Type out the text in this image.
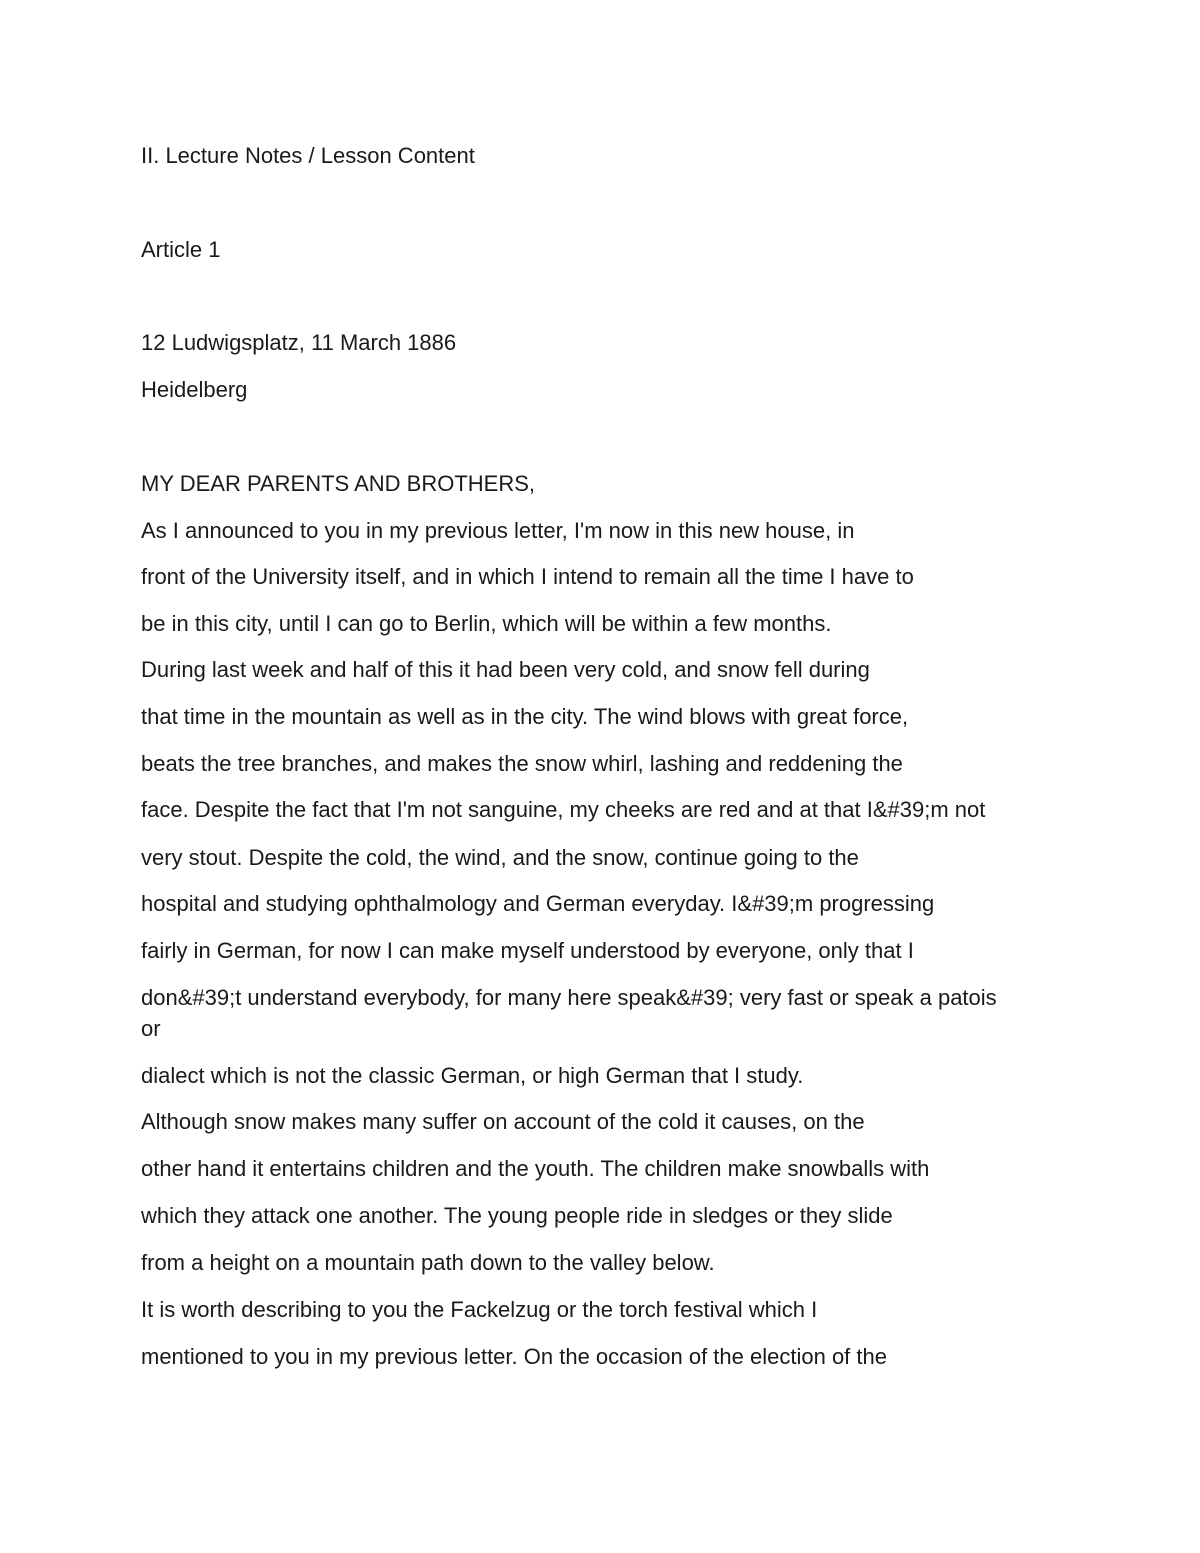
II. Lecture Notes / Lesson Content

Article 1

12 Ludwigsplatz, 11 March 1886

Heidelberg

MY DEAR PARENTS AND BROTHERS,

As I announced to you in my previous letter, I'm now in this new house, in

front of the University itself, and in which I intend to remain all the time I have to

be in this city, until I can go to Berlin, which will be within a few months.

During last week and half of this it had been very cold, and snow fell during

that time in the mountain as well as in the city. The wind blows with great force,

beats the tree branches, and makes the snow whirl, lashing and reddening the

face. Despite the fact that I'm not sanguine, my cheeks are red and at that I&#39;m not

very stout. Despite the cold, the wind, and the snow, continue going to the

hospital and studying ophthalmology and German everyday. I&#39;m progressing

fairly in German, for now I can make myself understood by everyone, only that I

don&#39;t understand everybody, for many here speak&#39; very fast or speak a patois

or

dialect which is not the classic German, or high German that I study.

Although snow makes many suffer on account of the cold it causes, on the

other hand it entertains children and the youth. The children make snowballs with

which they attack one another. The young people ride in sledges or they slide

from a height on a mountain path down to the valley below.

It is worth describing to you the Fackelzug or the torch festival which I

mentioned to you in my previous letter. On the occasion of the election of the
